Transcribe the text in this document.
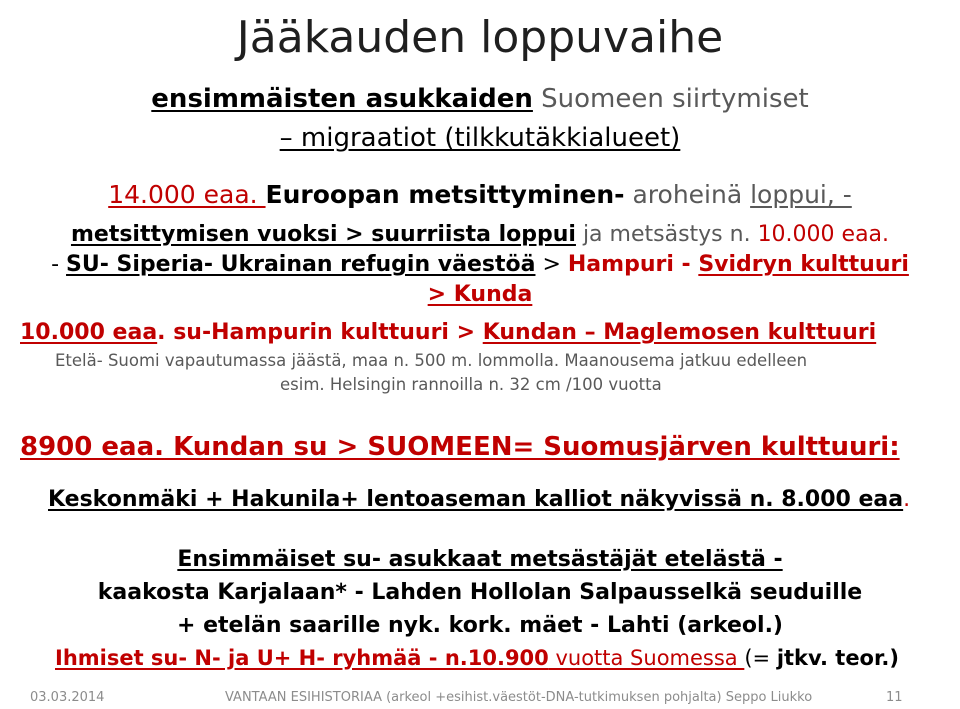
Jääkauden loppuvaihe
ensimmäisten asukkaiden Suomeen siirtymiset
– migraatiot (tilkkutäkkialueet)
14.000 eaa. Euroopan metsittyminen- aroheinä loppui, -
metsittymisen vuoksi > suurriista loppui ja metsästys n. 10.000 eaa.
- SU- Siperia- Ukrainan refugin väestöä > Hampuri - Svidryn kulttuuri
> Kunda
10.000 eaa. su-Hampurin kulttuuri > Kundan – Maglemosen kulttuuri
Etelä- Suomi vapautumassa jäästä, maa n. 500 m. lommolla. Maanousema jatkuu edelleen
esim. Helsingin rannoilla n. 32 cm /100 vuotta
8900 eaa. Kundan su > SUOMEEN= Suomusjärven kulttuuri:
Keskonmäki + Hakunila+ lentoaseman kalliot näkyvissä n. 8.000 eaa.
Ensimmäiset su- asukkaat metsästäjät etelästä -
kaakosta Karjalaan* - Lahden Hollolan Salpausselkä seuduille
+ etelän saarille nyk. kork. mäet - Lahti (arkeol.)
Ihmiset su- N- ja U+ H- ryhmää - n.10.900 vuotta Suomessa (= jtkv. teor.)
03.03.2014	VANTAAN ESIHISTORIAA (arkeol +esihist.väestöt-DNA-tutkimuksen pohjalta) Seppo Liukko	11
